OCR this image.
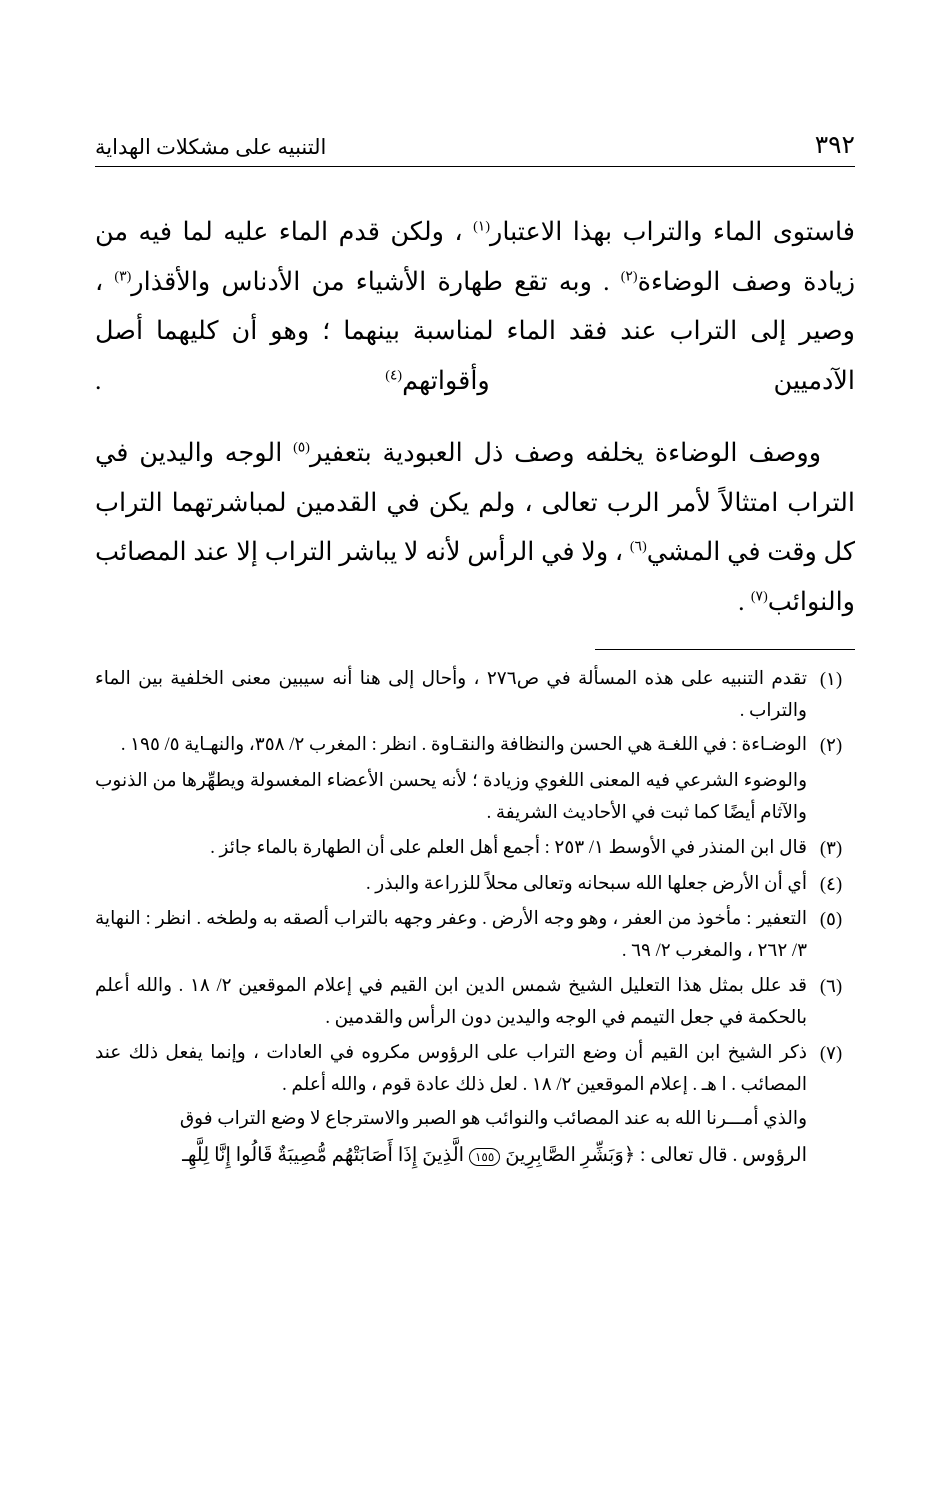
التنبيه على مشكلات الهداية	٣٩٢

فاستوى الماء والتراب بهذا الاعتبار$^{(١)}$ ، ولكن قدم الماء عليه لما فيه من زيادة وصف الوضاءة$^{(٢)}$ . وبه تقع طهارة الأشياء من الأدناس والأقذار$^{(٣)}$ ، وصير إلى التراب عند فقد الماء لمناسبة بينهما ؛ وهو أن كليهما أصل الآدميين وأقواتهم$^{(٤)}$ .

ووصف الوضاءة يخلفه وصف ذل العبودية بتعفير$^{(٥)}$ الوجه واليدين في التراب امتثالاً لأمر الرب تعالى ، ولم يكن في القدمين لمباشرتهما التراب كل وقت في المشي$^{(٦)}$ ، ولا في الرأس لأنه لا يباشر التراب إلا عند المصائب والنوائب$^{(٧)}$ .

(١)
تقدم التنبيه على هذه المسألة في ص٢٧٦ ، وأحال إلى هنا أنه سيبين معنى الخلفية بين الماء والتراب .
(٢)
الوضـاءة : في اللغـة هي الحسن والنظافة والنقـاوة . انظر : المغرب ٢/ ٣٥٨، والنهـاية ٥/ ١٩٥ .
والوضوء الشرعي فيه المعنى اللغوي وزيادة ؛ لأنه يحسن الأعضاء المغسولة ويطهِّرها من الذنوب والآثام أيضًا كما ثبت في الأحاديث الشريفة .
(٣)
قال ابن المنذر في الأوسط ١/ ٢٥٣ : أجمع أهل العلم على أن الطهارة بالماء جائز .
(٤)
أي أن الأرض جعلها الله سبحانه وتعالى محلاً للزراعة والبذر .
(٥)
التعفير : مأخوذ من العفر ، وهو وجه الأرض . وعفر وجهه بالتراب ألصقه به ولطخه . انظر : النهاية ٣/ ٢٦٢ ، والمغرب ٢/ ٦٩ .
(٦)
قد علل بمثل هذا التعليل الشيخ شمس الدين ابن القيم في إعلام الموقعين ٢/ ١٨ . والله أعلم بالحكمة في جعل التيمم في الوجه واليدين دون الرأس والقدمين .
(٧)
ذكر الشيخ ابن القيم أن وضع التراب على الرؤوس مكروه في العادات ، وإنما يفعل ذلك عند المصائب . ا هـ . إعلام الموقعين ٢/ ١٨ . لعل ذلك عادة قوم ، والله أعلم .
والذي أمـــرنا الله به عند المصائب والنوائب هو الصبر والاسترجاع لا وضع التراب فوق
الرؤوس . قال تعالى : ﴿وَبَشِّرِ الصَّابِرِينَ ١٥٥ الَّذِينَ إِذَا أَصَابَتْهُم مُّصِيبَةٌ قَالُوا إِنَّا لِلَّهِـ
